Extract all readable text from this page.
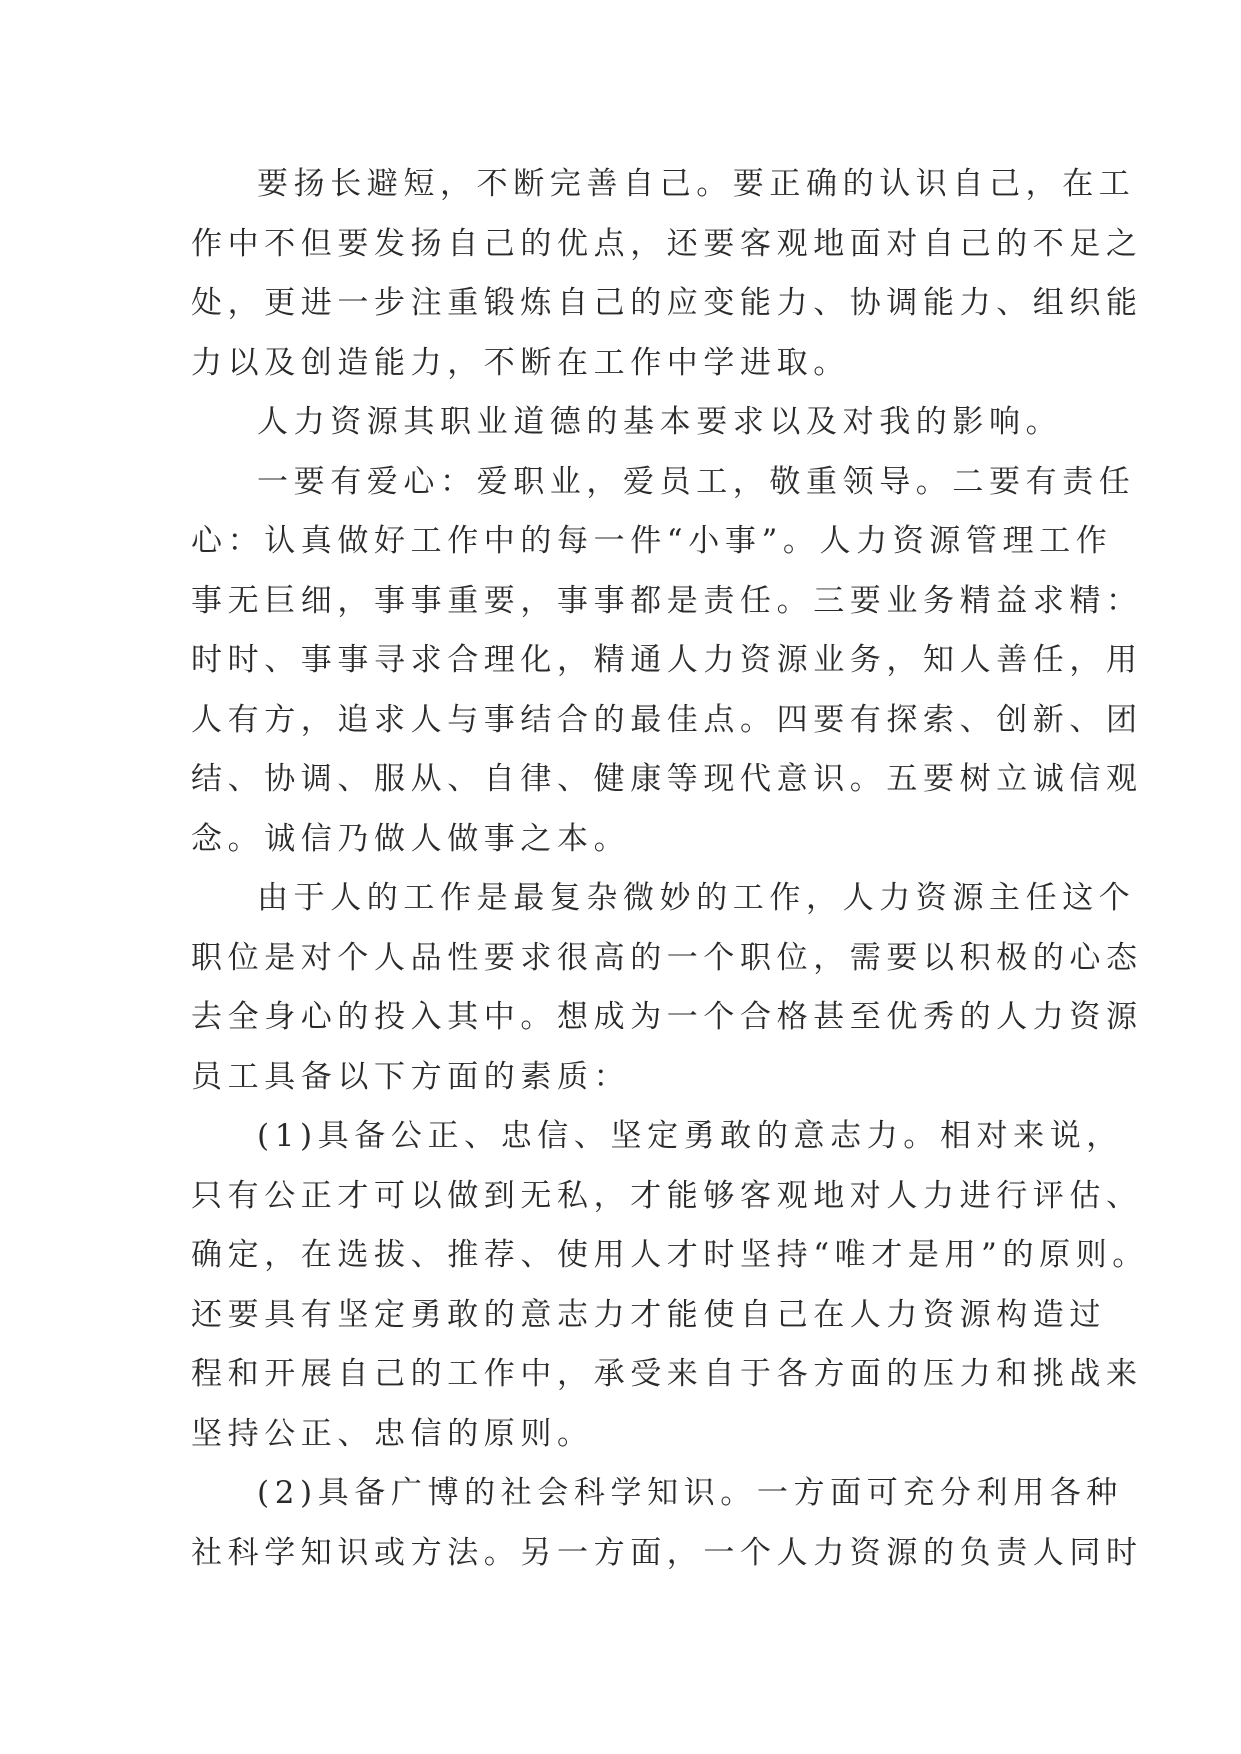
要扬长避短，不断完善自己。要正确的认识自己，在工
作中不但要发扬自己的优点，还要客观地面对自己的不足之
处，更进一步注重锻炼自己的应变能力、协调能力、组织能
力以及创造能力，不断在工作中学进取。
人力资源其职业道德的基本要求以及对我的影响。
一要有爱心：爱职业，爱员工，敬重领导。二要有责任
心：认真做好工作中的每一件“小事”。人力资源管理工作
事无巨细，事事重要，事事都是责任。三要业务精益求精：
时时、事事寻求合理化，精通人力资源业务，知人善任，用
人有方，追求人与事结合的最佳点。四要有探索、创新、团
结、协调、服从、自律、健康等现代意识。五要树立诚信观
念。诚信乃做人做事之本。
由于人的工作是最复杂微妙的工作，人力资源主任这个
职位是对个人品性要求很高的一个职位，需要以积极的心态
去全身心的投入其中。想成为一个合格甚至优秀的人力资源
员工具备以下方面的素质：
(1)具备公正、忠信、坚定勇敢的意志力。相对来说，
只有公正才可以做到无私，才能够客观地对人力进行评估、
确定，在选拔、推荐、使用人才时坚持“唯才是用”的原则。
还要具有坚定勇敢的意志力才能使自己在人力资源构造过
程和开展自己的工作中，承受来自于各方面的压力和挑战来
坚持公正、忠信的原则。
(2)具备广博的社会科学知识。一方面可充分利用各种
社科学知识或方法。另一方面，一个人力资源的负责人同时
